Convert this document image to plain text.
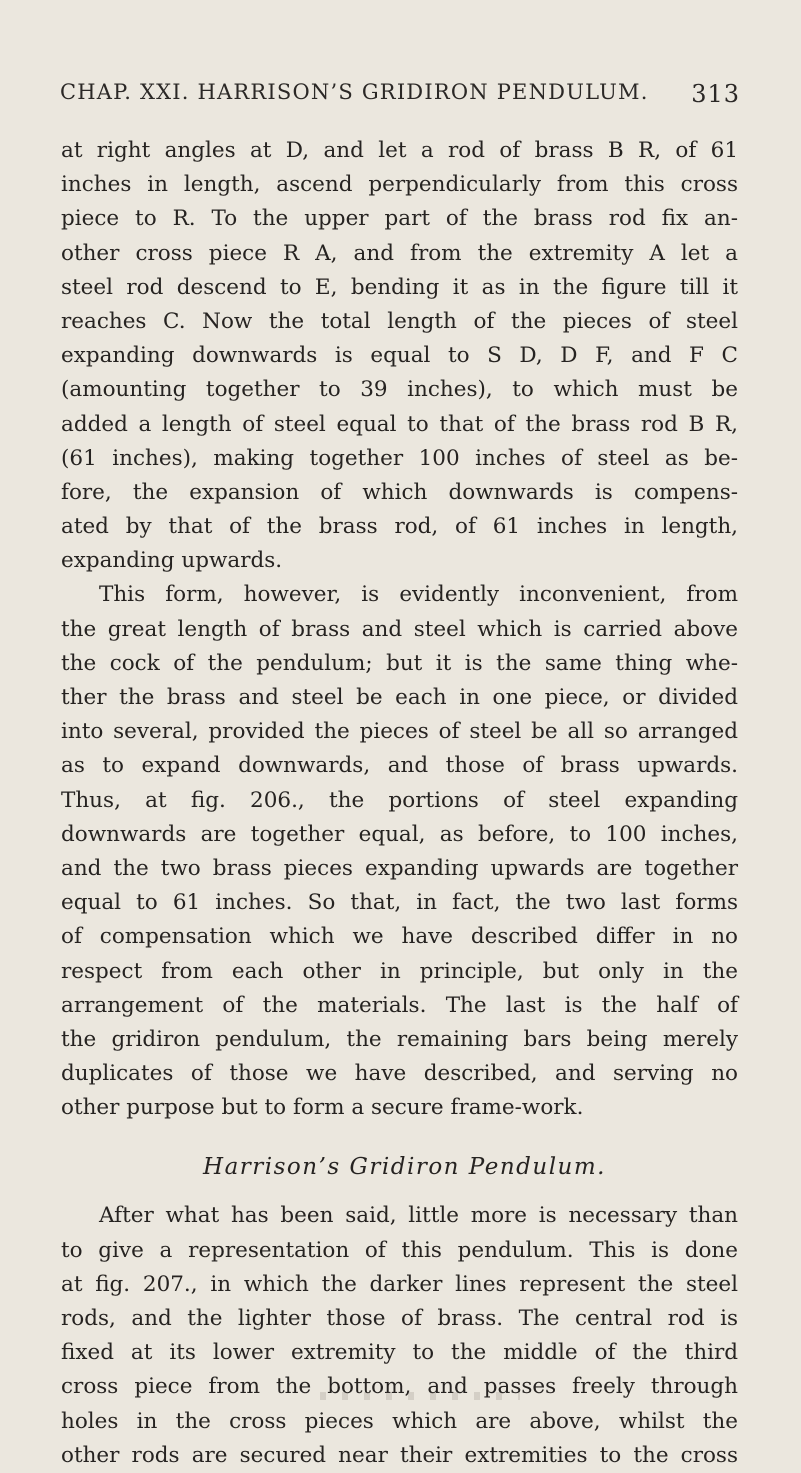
CHAP. XXI. HARRISON’S GRIDIRON PENDULUM. 313
at right angles at D, and let a rod of brass B R, of 61
inches in length, ascend perpendicularly from this cross
piece to R. To the upper part of the brass rod fix an-
other cross piece R A, and from the extremity A let a
steel rod descend to E, bending it as in the figure till it
reaches C. Now the total length of the pieces of steel
expanding downwards is equal to S D, D F, and F C
(amounting together to 39 inches), to which must be
added a length of steel equal to that of the brass rod B R,
(61 inches), making together 100 inches of steel as be-
fore, the expansion of which downwards is compens-
ated by that of the brass rod, of 61 inches in length,
expanding upwards.
This form, however, is evidently inconvenient, from
the great length of brass and steel which is carried above
the cock of the pendulum; but it is the same thing whe-
ther the brass and steel be each in one piece, or divided
into several, provided the pieces of steel be all so arranged
as to expand downwards, and those of brass upwards.
Thus, at fig. 206., the portions of steel expanding
downwards are together equal, as before, to 100 inches,
and the two brass pieces expanding upwards are together
equal to 61 inches. So that, in fact, the two last forms
of compensation which we have described differ in no
respect from each other in principle, but only in the
arrangement of the materials. The last is the half of
the gridiron pendulum, the remaining bars being merely
duplicates of those we have described, and serving no
other purpose but to form a secure frame-work.
Harrison’s Gridiron Pendulum.
After what has been said, little more is necessary than
to give a representation of this pendulum. This is done
at fig. 207., in which the darker lines represent the steel
rods, and the lighter those of brass. The central rod is
fixed at its lower extremity to the middle of the third
cross piece from the bottom, and passes freely through
holes in the cross pieces which are above, whilst the
other rods are secured near their extremities to the cross
